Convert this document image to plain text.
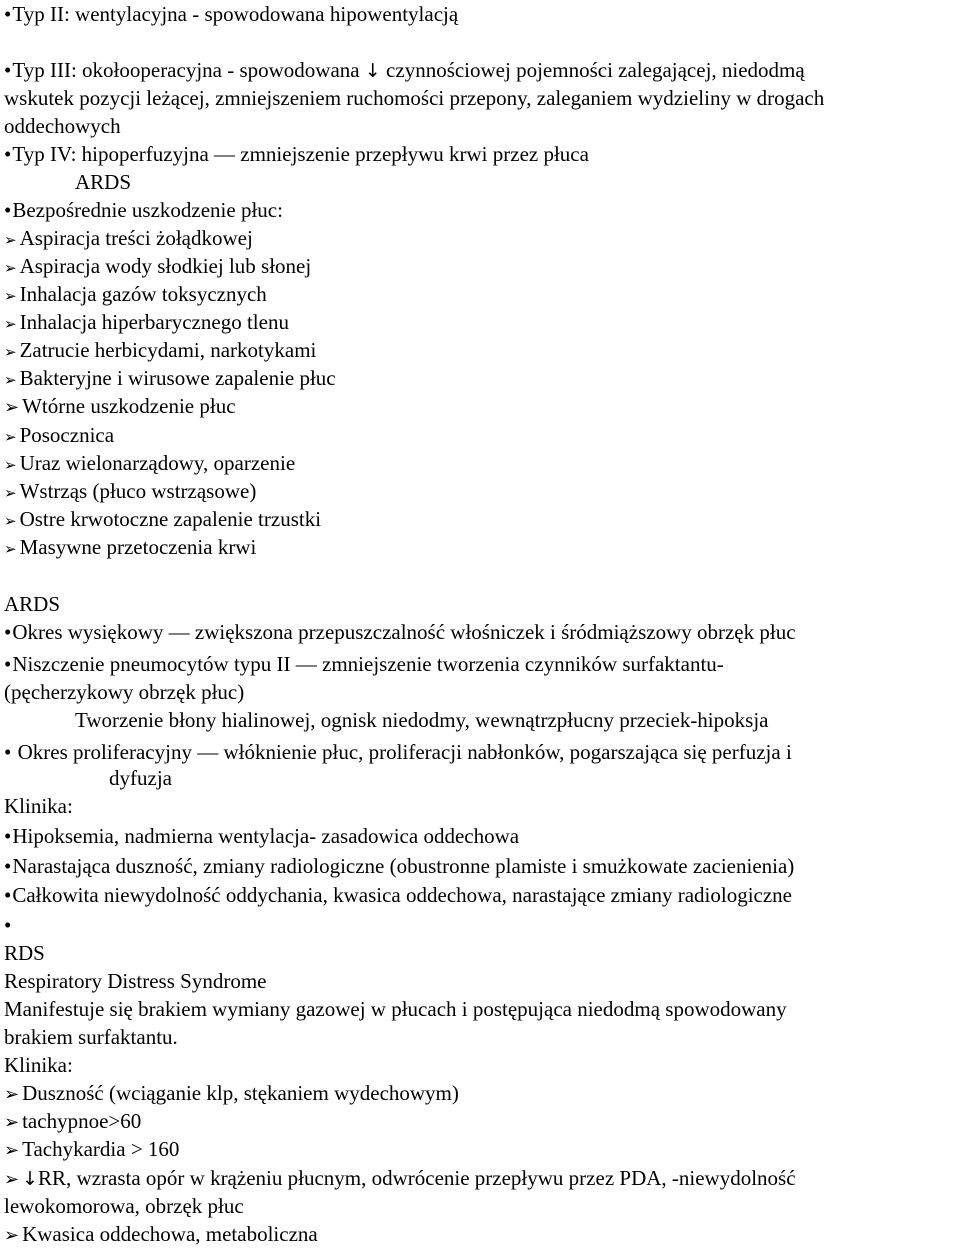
• Typ II: wentylacyjna - spowodowana hipowentylacją
• Typ III: okołooperacyjna - spowodowana ↓ czynnościowej pojemności zalegającej, niedodmą
wskutek pozycji leżącej, zmniejszeniem ruchomości przepony, zaleganiem wydzieliny w drogach
oddechowych
• Typ IV: hipoperfuzyjna ― zmniejszenie przepływu krwi przez płuca
ARDS
• Bezpośrednie uszkodzenie płuc:
➢ Aspiracja treści żołądkowej
➢ Aspiracja wody słodkiej lub słonej
➢ Inhalacja gazów toksycznych
➢ Inhalacja hiperbarycznego tlenu
➢ Zatrucie herbicydami, narkotykami
➢ Bakteryjne i wirusowe zapalenie płuc
➢ Wtórne uszkodzenie płuc
➢ Posocznica
➢ Uraz wielonarządowy, oparzenie
➢ Wstrząs (płuco wstrząsowe)
➢ Ostre krwotoczne zapalenie trzustki
➢ Masywne przetoczenia krwi
ARDS
• Okres wysiękowy ― zwiększona przepuszczalność włośniczek i śródmiąższowy obrzęk płuc
• Niszczenie pneumocytów typu II ― zmniejszenie tworzenia czynników surfaktantu-
(pęcherzykowy obrzęk płuc)
Tworzenie błony hialinowej, ognisk niedodmy, wewnątrzpłucny przeciek-hipoksja
•  Okres proliferacyjny ― włóknienie płuc, proliferacji nabłonków, pogarszająca się perfuzja i
dyfuzja
Klinika:
• Hipoksemia, nadmierna wentylacja- zasadowica oddechowa
• Narastająca duszność, zmiany radiologiczne (obustronne plamiste i smużkowate zacienienia)
• Całkowita niewydolność oddychania, kwasica oddechowa, narastające zmiany radiologiczne
•
RDS
Respiratory Distress Syndrome
Manifestuje się brakiem wymiany gazowej w płucach i postępująca niedodmą spowodowany
brakiem surfaktantu.
Klinika:
➢ Duszność (wciąganie klp, stękaniem wydechowym)
➢ tachypnoe>60
➢ Tachykardia > 160
➢ ↓RR, wzrasta opór w krążeniu płucnym, odwrócenie przepływu przez PDA, -niewydolność
lewokomorowa, obrzęk płuc
➢ Kwasica oddechowa, metaboliczna
